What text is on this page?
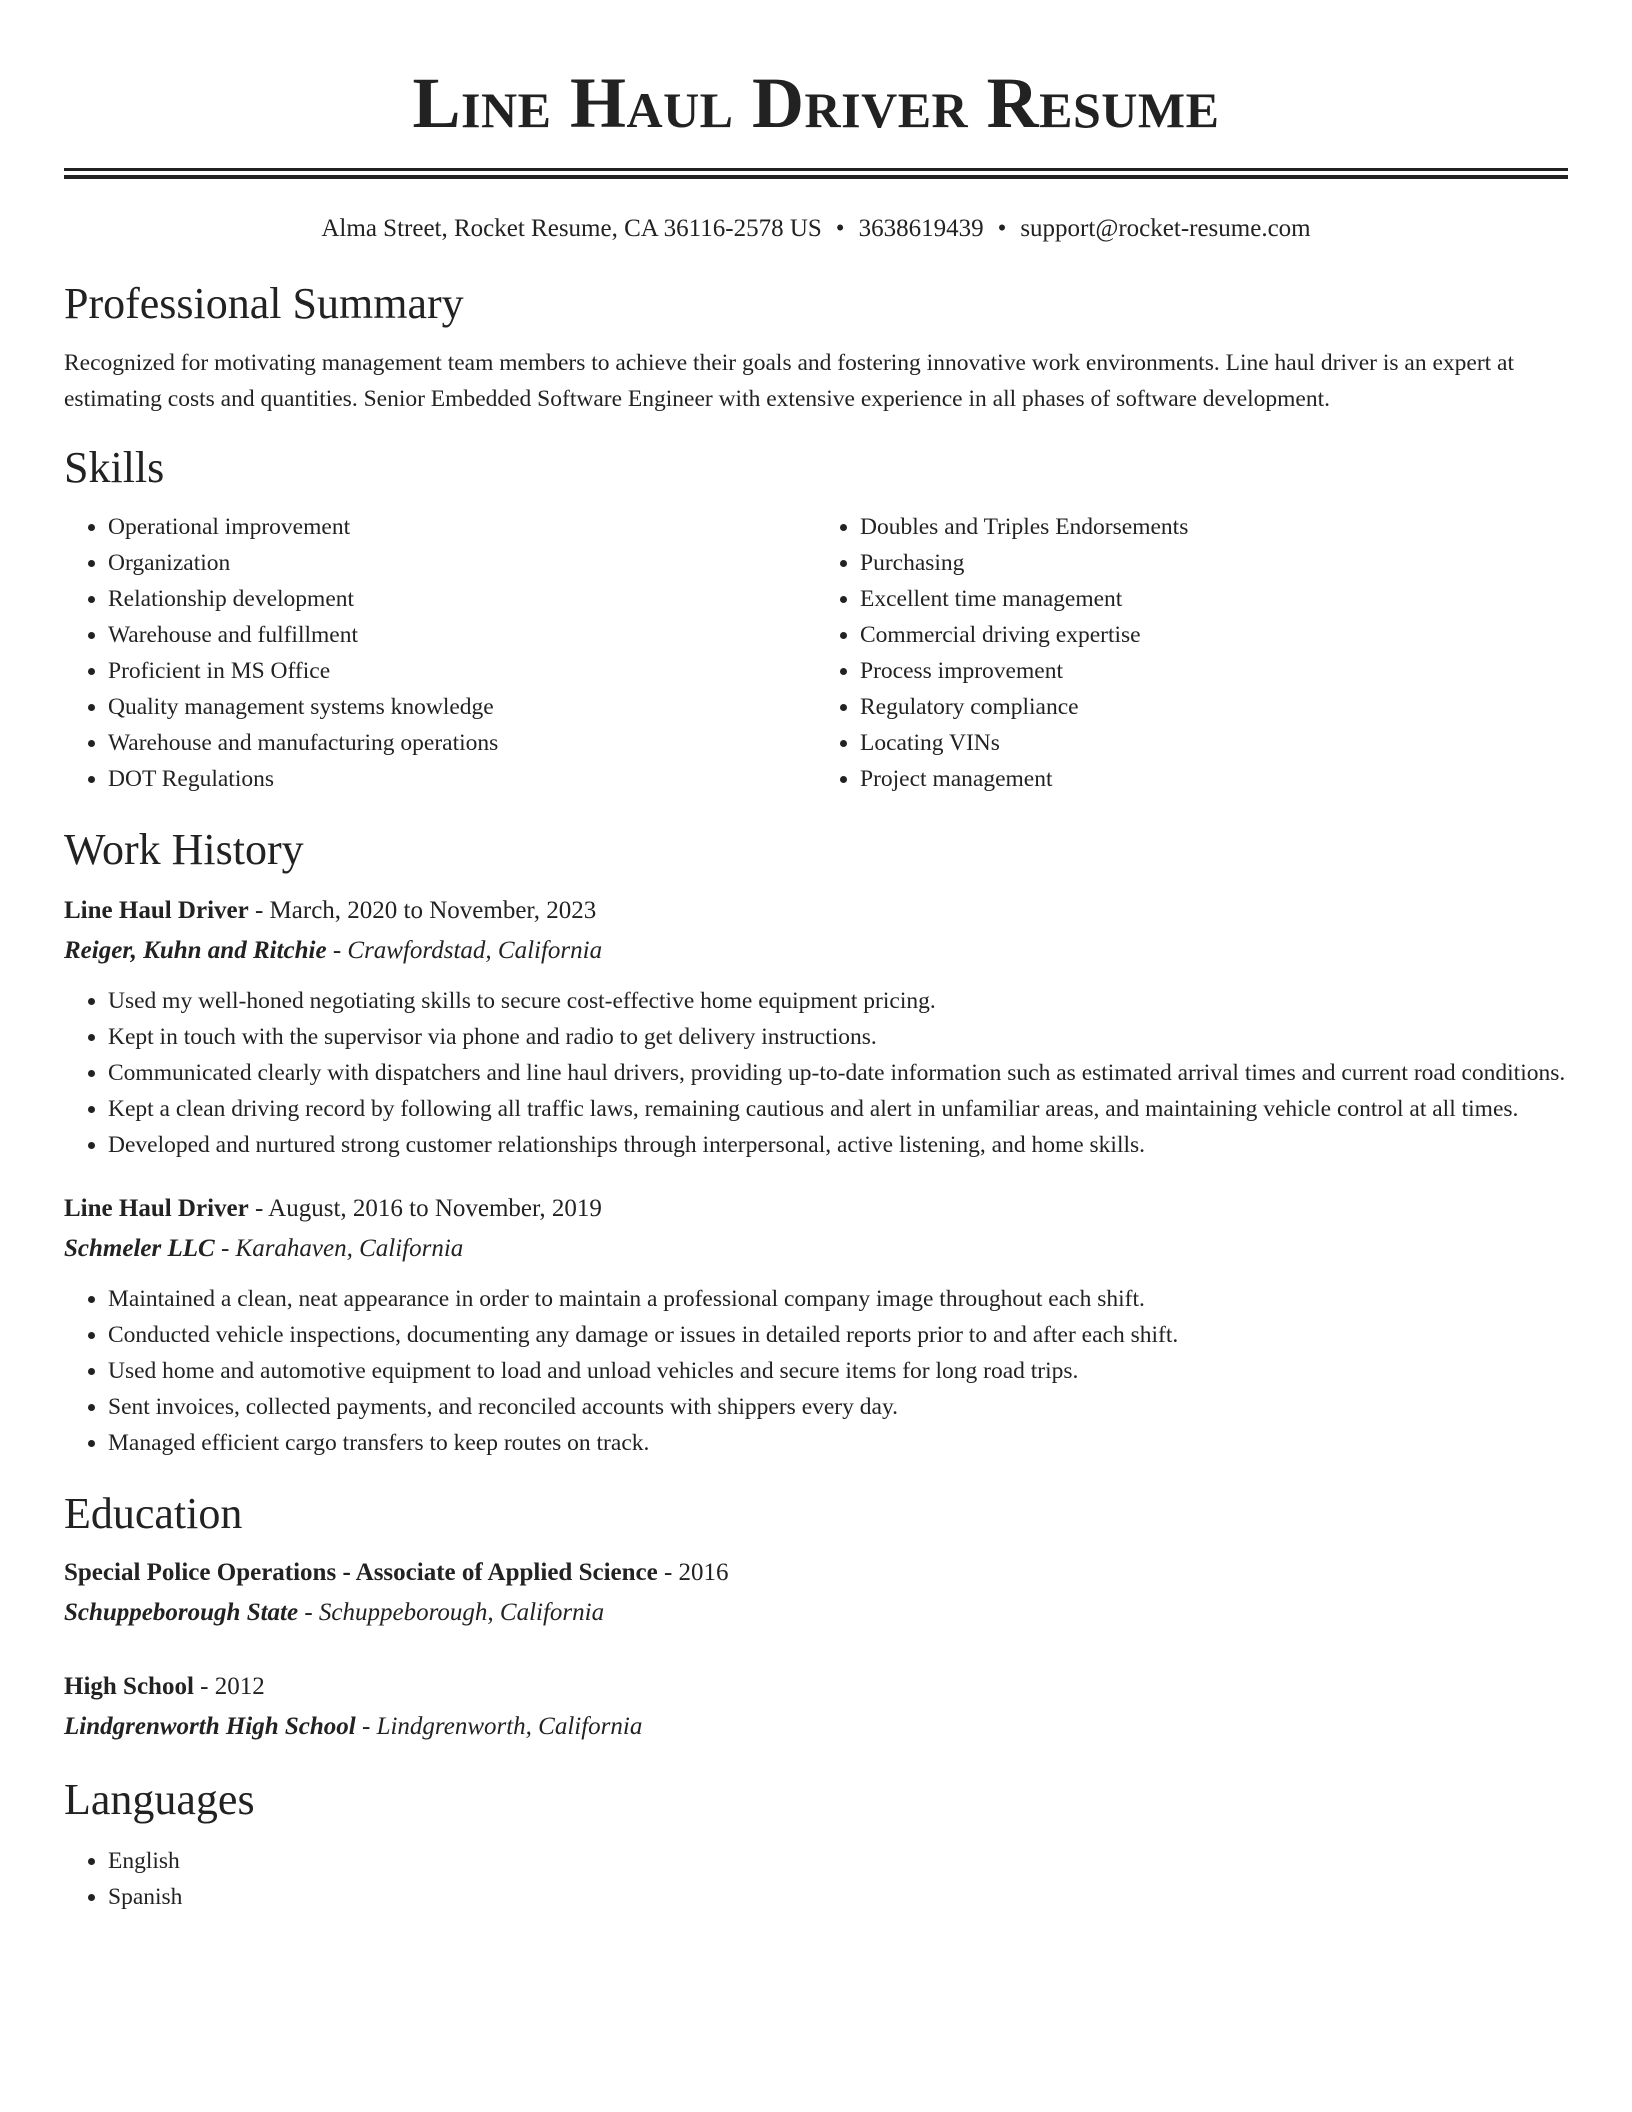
Line Haul Driver Resume
Alma Street, Rocket Resume, CA 36116-2578 US • 3638619439 • support@rocket-resume.com
Professional Summary

Recognized for motivating management team members to achieve their goals and fostering innovative work environments. Line haul driver is an expert at estimating costs and quantities. Senior Embedded Software Engineer with extensive experience in all phases of software development.

Skills
• Operational improvement
• Organization
• Relationship development
• Warehouse and fulfillment
• Proficient in MS Office
• Quality management systems knowledge
• Warehouse and manufacturing operations
• DOT Regulations
• Doubles and Triples Endorsements
• Purchasing
• Excellent time management
• Commercial driving expertise
• Process improvement
• Regulatory compliance
• Locating VINs
• Project management
Work History
Line Haul Driver - March, 2020 to November, 2023
Reiger, Kuhn and Ritchie - Crawfordstad, California
• Used my well-honed negotiating skills to secure cost-effective home equipment pricing.
• Kept in touch with the supervisor via phone and radio to get delivery instructions.
• Communicated clearly with dispatchers and line haul drivers, providing up-to-date information such as estimated arrival times and current road conditions.
• Kept a clean driving record by following all traffic laws, remaining cautious and alert in unfamiliar areas, and maintaining vehicle control at all times.
• Developed and nurtured strong customer relationships through interpersonal, active listening, and home skills.
Line Haul Driver - August, 2016 to November, 2019
Schmeler LLC - Karahaven, California
• Maintained a clean, neat appearance in order to maintain a professional company image throughout each shift.
• Conducted vehicle inspections, documenting any damage or issues in detailed reports prior to and after each shift.
• Used home and automotive equipment to load and unload vehicles and secure items for long road trips.
• Sent invoices, collected payments, and reconciled accounts with shippers every day.
• Managed efficient cargo transfers to keep routes on track.
Education
Special Police Operations - Associate of Applied Science - 2016
Schuppeborough State - Schuppeborough, California
High School - 2012
Lindgrenworth High School - Lindgrenworth, California
Languages
• English
• Spanish
